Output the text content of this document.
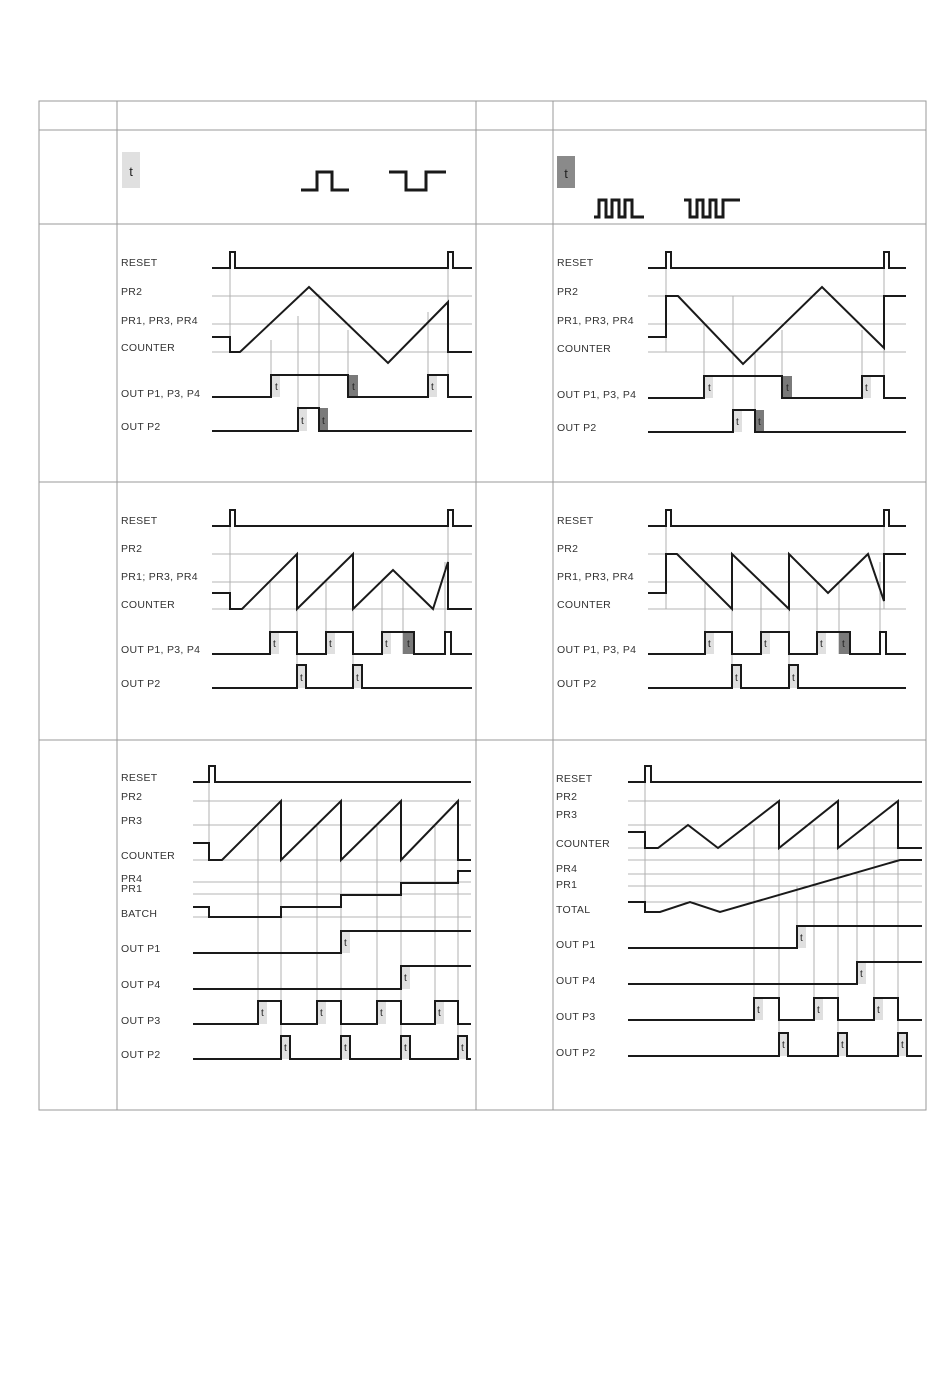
t	t
RESET
PR2
PR1, PR3, PR4
COUNTER
OUT P1, P3, P4
OUT P2
RESET
PR2
PR1, PR3, PR4
COUNTER
OUT P1, P3, P4
OUT P2
RESET
PR2
PR1; PR3, PR4
COUNTER
OUT P1, P3, P4
OUT P2
RESET
PR2
PR1, PR3, PR4
COUNTER
OUT P1, P3, P4
OUT P2
RESET
PR2
PR3
COUNTER
PR4
PR1
BATCH
OUT P1
OUT P4
OUT P3
OUT P2
RESET
PR2
PR3
COUNTER
PR4
PR1
TOTAL
OUT P1
OUT P4
OUT P3
OUT P2
t	t	t
t t
t	t	t
t t
t	t	t t
t	t
t	t	t t
t	t
t
t
t	t	t	t
t	t	t	t
t
t
t	t	t
t	t	t
